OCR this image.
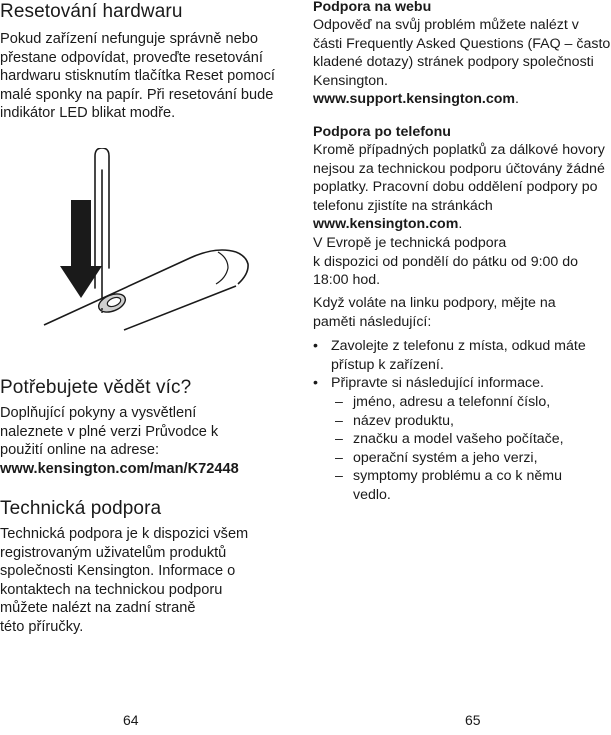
Resetování hardwaru

Pokud zařízení nefunguje správně nebo přestane odpovídat, proveďte resetování hardwaru stisknutím tlačítka Reset pomocí malé sponky na papír. Při resetování bude indikátor LED blikat modře.

Potřebujete vědět víc?

Doplňující pokyny a vysvětlení naleznete v plné verzi Průvodce k použití online na adrese:

www.kensington.com/man/K72448

Technická podpora

Technická podpora je k dispozici všem registrovaným uživatelům produktů společnosti Kensington. Informace o kontaktech na technickou podporu můžete nalézt na zadní straně
této příručky.

64

Podpora na webu

Odpověď na svůj problém můžete nalézt v části Frequently Asked Questions (FAQ – často kladené dotazy) stránek podpory společnosti Kensington.
www.support.kensington.com.

Podpora po telefonu

Kromě případných poplatků za dálkové hovory nejsou za technickou podporu účtovány žádné poplatky. Pracovní dobu oddělení podpory po telefonu zjistíte na stránkách www.kensington.com.
V Evropě je technická podpora
k dispozici od pondělí do pátku od 9:00 do 18:00 hod.

Když voláte na linku podpory, mějte na paměti následující:

• Zavolejte z telefonu z místa, odkud máte přístup k zařízení.
• Připravte si následující informace.
– jméno, adresu a telefonní číslo,
– název produktu,
– značku a model vašeho počítače,
– operační systém a jeho verzi,
– symptomy problému a co k němu vedlo.
65
